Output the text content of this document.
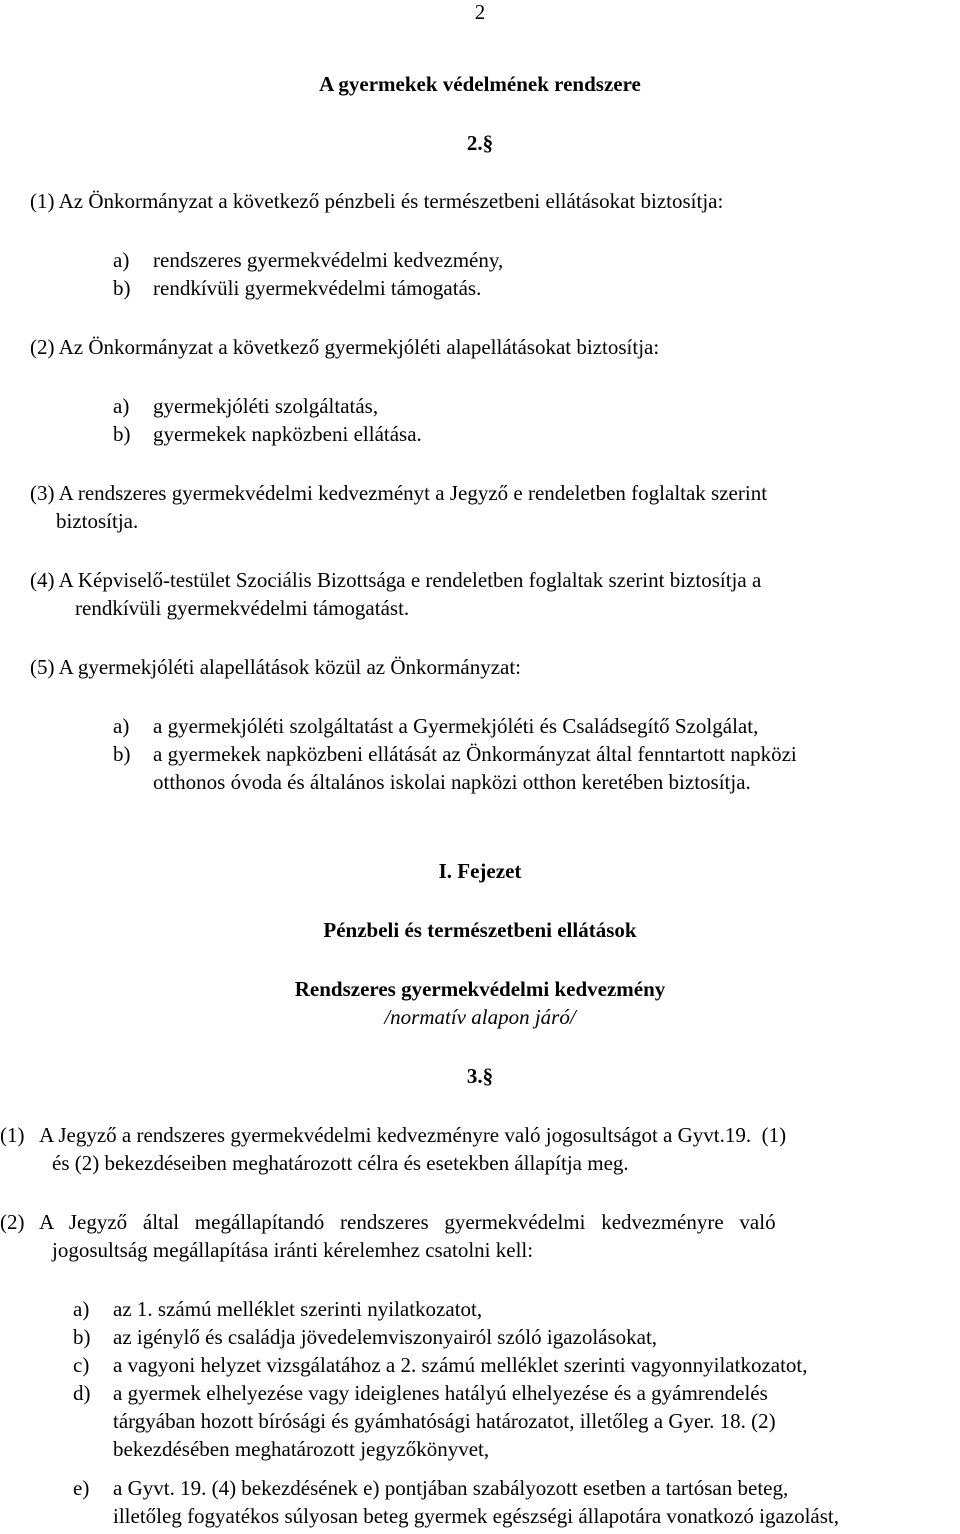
2
A gyermekek védelmének rendszere
2.§
(1) Az Önkormányzat a következő pénzbeli és természetbeni ellátásokat biztosítja:
a) rendszeres gyermekvédelmi kedvezmény,
b) rendkívüli gyermekvédelmi támogatás.
(2) Az Önkormányzat a következő gyermekjóléti alapellátásokat biztosítja:
a) gyermekjóléti szolgáltatás,
b) gyermekek napközbeni ellátása.
(3) A rendszeres gyermekvédelmi kedvezményt a Jegyző e rendeletben foglaltak szerint
biztosítja.
(4) A Képviselő-testület Szociális Bizottsága e rendeletben foglaltak szerint biztosítja a
rendkívüli gyermekvédelmi támogatást.
(5) A gyermekjóléti alapellátások közül az Önkormányzat:
a) a gyermekjóléti szolgáltatást a Gyermekjóléti és Családsegítő Szolgálat,
b) a gyermekek napközbeni ellátását az Önkormányzat által fenntartott napközi
otthonos óvoda és általános iskolai napközi otthon keretében biztosítja.
I. Fejezet
Pénzbeli és természetbeni ellátások
Rendszeres gyermekvédelmi kedvezmény
/normatív alapon járó/
3.§
(1)   A Jegyző a rendszeres gyermekvédelmi kedvezményre való jogosultságot a Gyvt.19.  (1)
és (2) bekezdéseiben meghatározott célra és esetekben állapítja meg.
(2)   A   Jegyző   által   megállapítandó   rendszeres   gyermekvédelmi   kedvezményre   való
jogosultság megállapítása iránti kérelemhez csatolni kell:
a) az 1. számú melléklet szerinti nyilatkozatot,
b) az igénylő és családja jövedelemviszonyairól szóló igazolásokat,
c) a vagyoni helyzet vizsgálatához a 2. számú melléklet szerinti vagyonnyilatkozatot,
d) a gyermek elhelyezése vagy ideiglenes hatályú elhelyezése és a gyámrendelés
tárgyában hozott bírósági és gyámhatósági határozatot, illetőleg a Gyer. 18. (2)
bekezdésében meghatározott jegyzőkönyvet,
e) a Gyvt. 19. (4) bekezdésének e) pontjában szabályozott esetben a tartósan beteg,
illetőleg fogyatékos súlyosan beteg gyermek egészségi állapotára vonatkozó igazolást,
